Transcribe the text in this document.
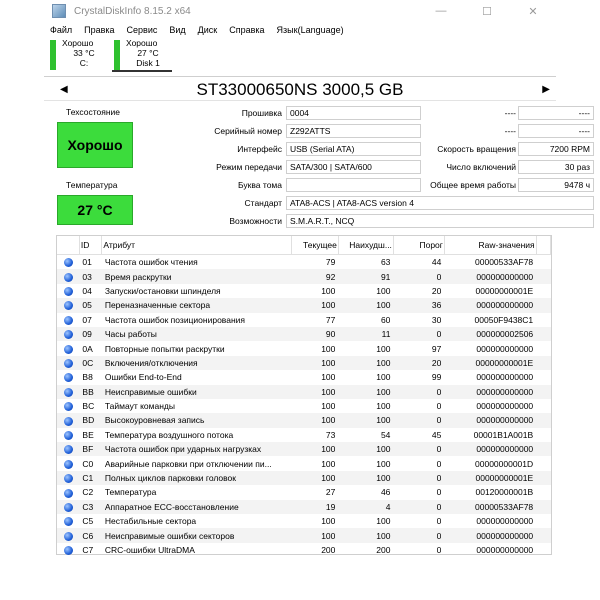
CrystalDiskInfo 8.15.2 x64	—	☐	✕
Файл	Правка	Сервис	Вид	Диск	Справка	Язык(Language)
Хорошо
33 °C
C:
Хорошо
27 °C
Disk 1
◀	ST33000650NS 3000,5 GB	▶
Техсостояние
Хорошо
Температура
27 °C
Прошивка 0004
Серийный номер Z292ATTS
Интерфейс USB (Serial ATA)
Режим передачи SATA/300 | SATA/600
Буква тома
----	----
----	----
Скорость вращения	7200 RPM
Число включений	30 раз
Общее время работы	9478 ч
Стандарт ATA8-ACS | ATA8-ACS version 4
Возможности S.M.A.R.T., NCQ
	ID	Атрибут	Текущее	Наихудш...	Порог	Raw-значения	
	01	Частота ошибок чтения	79	63	44	00000533AF78	
	03	Время раскрутки	92	91	0	000000000000	
	04	Запуски/остановки шпинделя	100	100	20	00000000001E	
	05	Переназначенные сектора	100	100	36	000000000000	
	07	Частота ошибок позиционирования	77	60	30	00050F9438C1	
	09	Часы работы	90	11	0	000000002506	
	0A	Повторные попытки раскрутки	100	100	97	000000000000	
	0C	Включения/отключения	100	100	20	00000000001E	
	B8	Ошибки End-to-End	100	100	99	000000000000	
	BB	Неисправимые ошибки	100	100	0	000000000000	
	BC	Таймаут команды	100	100	0	000000000000	
	BD	Высокоуровневая запись	100	100	0	000000000000	
	BE	Температура воздушного потока	73	54	45	00001B1A001B	
	BF	Частота ошибок при ударных нагрузках	100	100	0	000000000000	
	C0	Аварийные парковки при отключении пи...	100	100	0	00000000001D	
	C1	Полных циклов парковки головок	100	100	0	00000000001E	
	C2	Температура	27	46	0	00120000001B	
	C3	Аппаратное ECC-восстановление	19	4	0	00000533AF78	
	C5	Нестабильные сектора	100	100	0	000000000000	
	C6	Неисправимые ошибки секторов	100	100	0	000000000000	
	C7	CRC-ошибки UltraDMA	200	200	0	000000000000	
